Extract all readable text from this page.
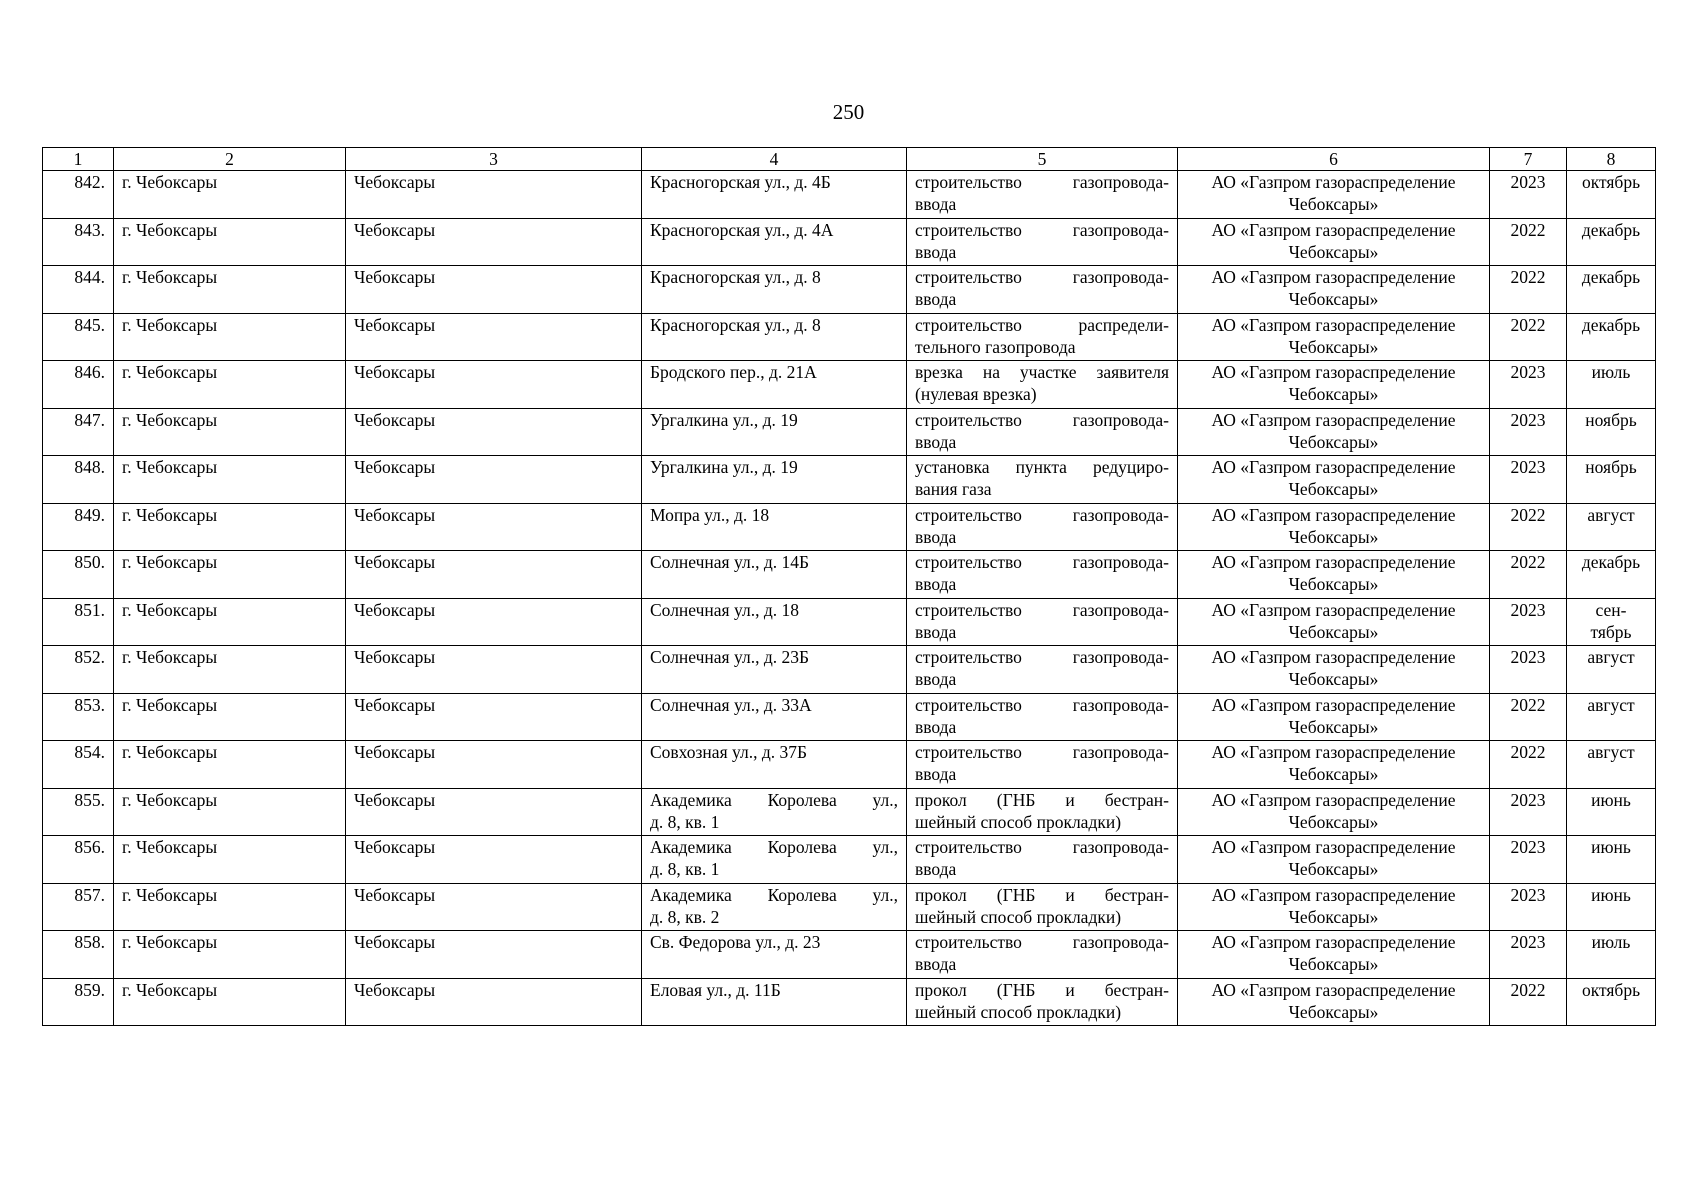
250
1	2	3	4	5	6	7	8
842.	г. Чебоксары	Чебоксары	Красногорская ул., д. 4Б	строительство газопровода-
ввода	АО «Газпром газораспределение
Чебоксары»	2023	октябрь

843.	г. Чебоксары	Чебоксары	Красногорская ул., д. 4А	строительство газопровода-
ввода	АО «Газпром газораспределение
Чебоксары»	2022	декабрь

844.	г. Чебоксары	Чебоксары	Красногорская ул., д. 8	строительство газопровода-
ввода	АО «Газпром газораспределение
Чебоксары»	2022	декабрь

845.	г. Чебоксары	Чебоксары	Красногорская ул., д. 8	строительство распредели-
тельного газопровода	АО «Газпром газораспределение
Чебоксары»	2022	декабрь

846.	г. Чебоксары	Чебоксары	Бродского пер., д. 21А	врезка на участке заявителя
(нулевая врезка)	АО «Газпром газораспределение
Чебоксары»	2023	июль

847.	г. Чебоксары	Чебоксары	Ургалкина ул., д. 19	строительство газопровода-
ввода	АО «Газпром газораспределение
Чебоксары»	2023	ноябрь

848.	г. Чебоксары	Чебоксары	Ургалкина ул., д. 19	установка пункта редуциро-
вания газа	АО «Газпром газораспределение
Чебоксары»	2023	ноябрь

849.	г. Чебоксары	Чебоксары	Мопра ул., д. 18	строительство газопровода-
ввода	АО «Газпром газораспределение
Чебоксары»	2022	август

850.	г. Чебоксары	Чебоксары	Солнечная ул., д. 14Б	строительство газопровода-
ввода	АО «Газпром газораспределение
Чебоксары»	2022	декабрь

851.	г. Чебоксары	Чебоксары	Солнечная ул., д. 18	строительство газопровода-
ввода	АО «Газпром газораспределение
Чебоксары»	2023	сен-
тябрь

852.	г. Чебоксары	Чебоксары	Солнечная ул., д. 23Б	строительство газопровода-
ввода	АО «Газпром газораспределение
Чебоксары»	2023	август

853.	г. Чебоксары	Чебоксары	Солнечная ул., д. 33А	строительство газопровода-
ввода	АО «Газпром газораспределение
Чебоксары»	2022	август

854.	г. Чебоксары	Чебоксары	Совхозная ул., д. 37Б	строительство газопровода-
ввода	АО «Газпром газораспределение
Чебоксары»	2022	август

855.	г. Чебоксары	Чебоксары	Академика Королева ул.,
д. 8, кв. 1	прокол (ГНБ и бестран-
шейный способ прокладки)	АО «Газпром газораспределение
Чебоксары»	2023	июнь

856.	г. Чебоксары	Чебоксары	Академика Королева ул.,
д. 8, кв. 1	строительство газопровода-
ввода	АО «Газпром газораспределение
Чебоксары»	2023	июнь

857.	г. Чебоксары	Чебоксары	Академика Королева ул.,
д. 8, кв. 2	прокол (ГНБ и бестран-
шейный способ прокладки)	АО «Газпром газораспределение
Чебоксары»	2023	июнь

858.	г. Чебоксары	Чебоксары	Св. Федорова ул., д. 23	строительство газопровода-
ввода	АО «Газпром газораспределение
Чебоксары»	2023	июль

859.	г. Чебоксары	Чебоксары	Еловая ул., д. 11Б	прокол (ГНБ и бестран-
шейный способ прокладки)	АО «Газпром газораспределение
Чебоксары»	2022	октябрь
